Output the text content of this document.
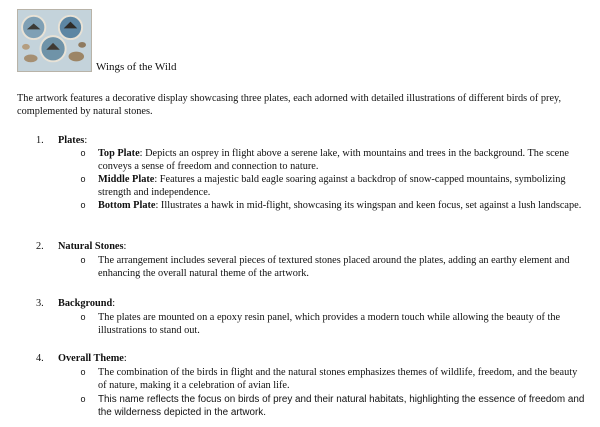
Wings of the Wild
The artwork features a decorative display showcasing three plates, each adorned with detailed illustrations of different birds of prey, complemented by natural stones.
1. Plates:
o Top Plate: Depicts an osprey in flight above a serene lake, with mountains and trees in the background. The scene conveys a sense of freedom and connection to nature.
o Middle Plate: Features a majestic bald eagle soaring against a backdrop of snow-capped mountains, symbolizing strength and independence.
o Bottom Plate: Illustrates a hawk in mid-flight, showcasing its wingspan and keen focus, set against a lush landscape.
2. Natural Stones:
o The arrangement includes several pieces of textured stones placed around the plates, adding an earthy element and enhancing the overall natural theme of the artwork.
3. Background:
o The plates are mounted on a epoxy resin panel, which provides a modern touch while allowing the beauty of the illustrations to stand out.
4. Overall Theme:
o The combination of the birds in flight and the natural stones emphasizes themes of wildlife, freedom, and the beauty of nature, making it a celebration of avian life.
o This name reflects the focus on birds of prey and their natural habitats, highlighting the essence of freedom and the wilderness depicted in the artwork.
